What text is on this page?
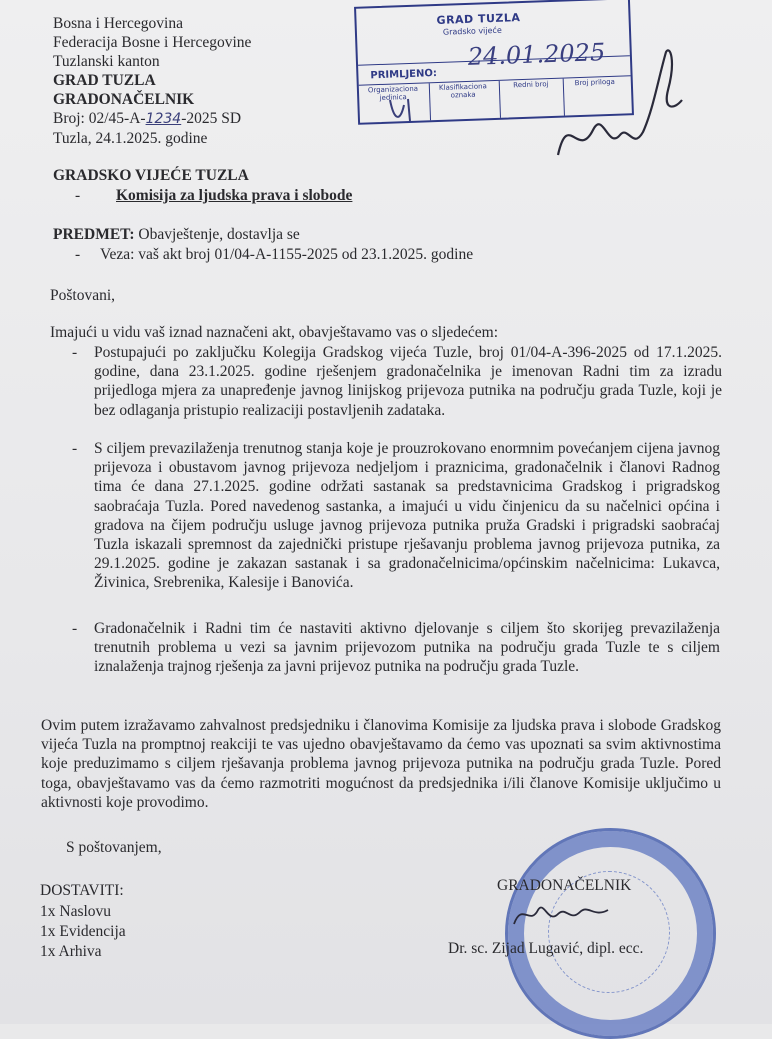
Bosna i Hercegovina
Federacija Bosne i Hercegovine
Tuzlanski kanton
GRAD TUZLA
GRADONAČELNIK
Broj: 02/45-A-1234-2025 SD
Tuzla, 24.1.2025. godine
GRAD TUZLA
Gradsko vijeće
24.01.2025
PRIMLJENO:
Organizaciona jedinica
Klasifikaciona oznaka
Redni broj	Broj priloga
GRADSKO VIJEĆE TUZLA
- Komisija za ljudska prava i slobode
PREDMET: Obavještenje, dostavlja se
- Veza: vaš akt broj 01/04-A-1155-2025 od 23.1.2025. godine
Poštovani,
Imajući u vidu vaš iznad naznačeni akt, obavještavamo vas o sljedećem:
- Postupajući po zaključku Kolegija Gradskog vijeća Tuzle, broj 01/04-A-396-2025 od 17.1.2025. godine, dana 23.1.2025. godine rješenjem gradonačelnika je imenovan Radni tim za izradu prijedloga mjera za unapređenje javnog linijskog prijevoza putnika na području grada Tuzle, koji je bez odlaganja pristupio realizaciji postavljenih zadataka.
- S ciljem prevazilaženja trenutnog stanja koje je prouzrokovano enormnim povećanjem cijena javnog prijevoza i obustavom javnog prijevoza nedjeljom i praznicima, gradonačelnik i članovi Radnog tima će dana 27.1.2025. godine održati sastanak sa predstavnicima Gradskog i prigradskog saobraćaja Tuzla. Pored navedenog sastanka, a imajući u vidu činjenicu da su načelnici općina i gradova na čijem području usluge javnog prijevoza putnika pruža Gradski i prigradski saobraćaj Tuzla iskazali spremnost da zajednički pristupe rješavanju problema javnog prijevoza putnika, za 29.1.2025. godine je zakazan sastanak i sa gradonačelnicima/općinskim načelnicima: Lukavca, Živinica, Srebrenika, Kalesije i Banovića.
- Gradonačelnik i Radni tim će nastaviti aktivno djelovanje s ciljem što skorijeg prevazilaženja trenutnih problema u vezi sa javnim prijevozom putnika na području grada Tuzle te s ciljem iznalaženja trajnog rješenja za javni prijevoz putnika na području grada Tuzle.
Ovim putem izražavamo zahvalnost predsjedniku i članovima Komisije za ljudska prava i slobode Gradskog vijeća Tuzla na promptnoj reakciji te vas ujedno obavještavamo da ćemo vas upoznati sa svim aktivnostima koje preduzimamo s ciljem rješavanja problema javnog prijevoza putnika na području grada Tuzle. Pored toga, obavještavamo vas da ćemo razmotriti mogućnost da predsjednika i/ili članove Komisije uključimo u aktivnosti koje provodimo.
S poštovanjem,
DOSTAVITI:
1x Naslovu
1x Evidencija
1x Arhiva
GRADONAČELNIK
Dr. sc. Zijad Lugavić, dipl. ecc.
